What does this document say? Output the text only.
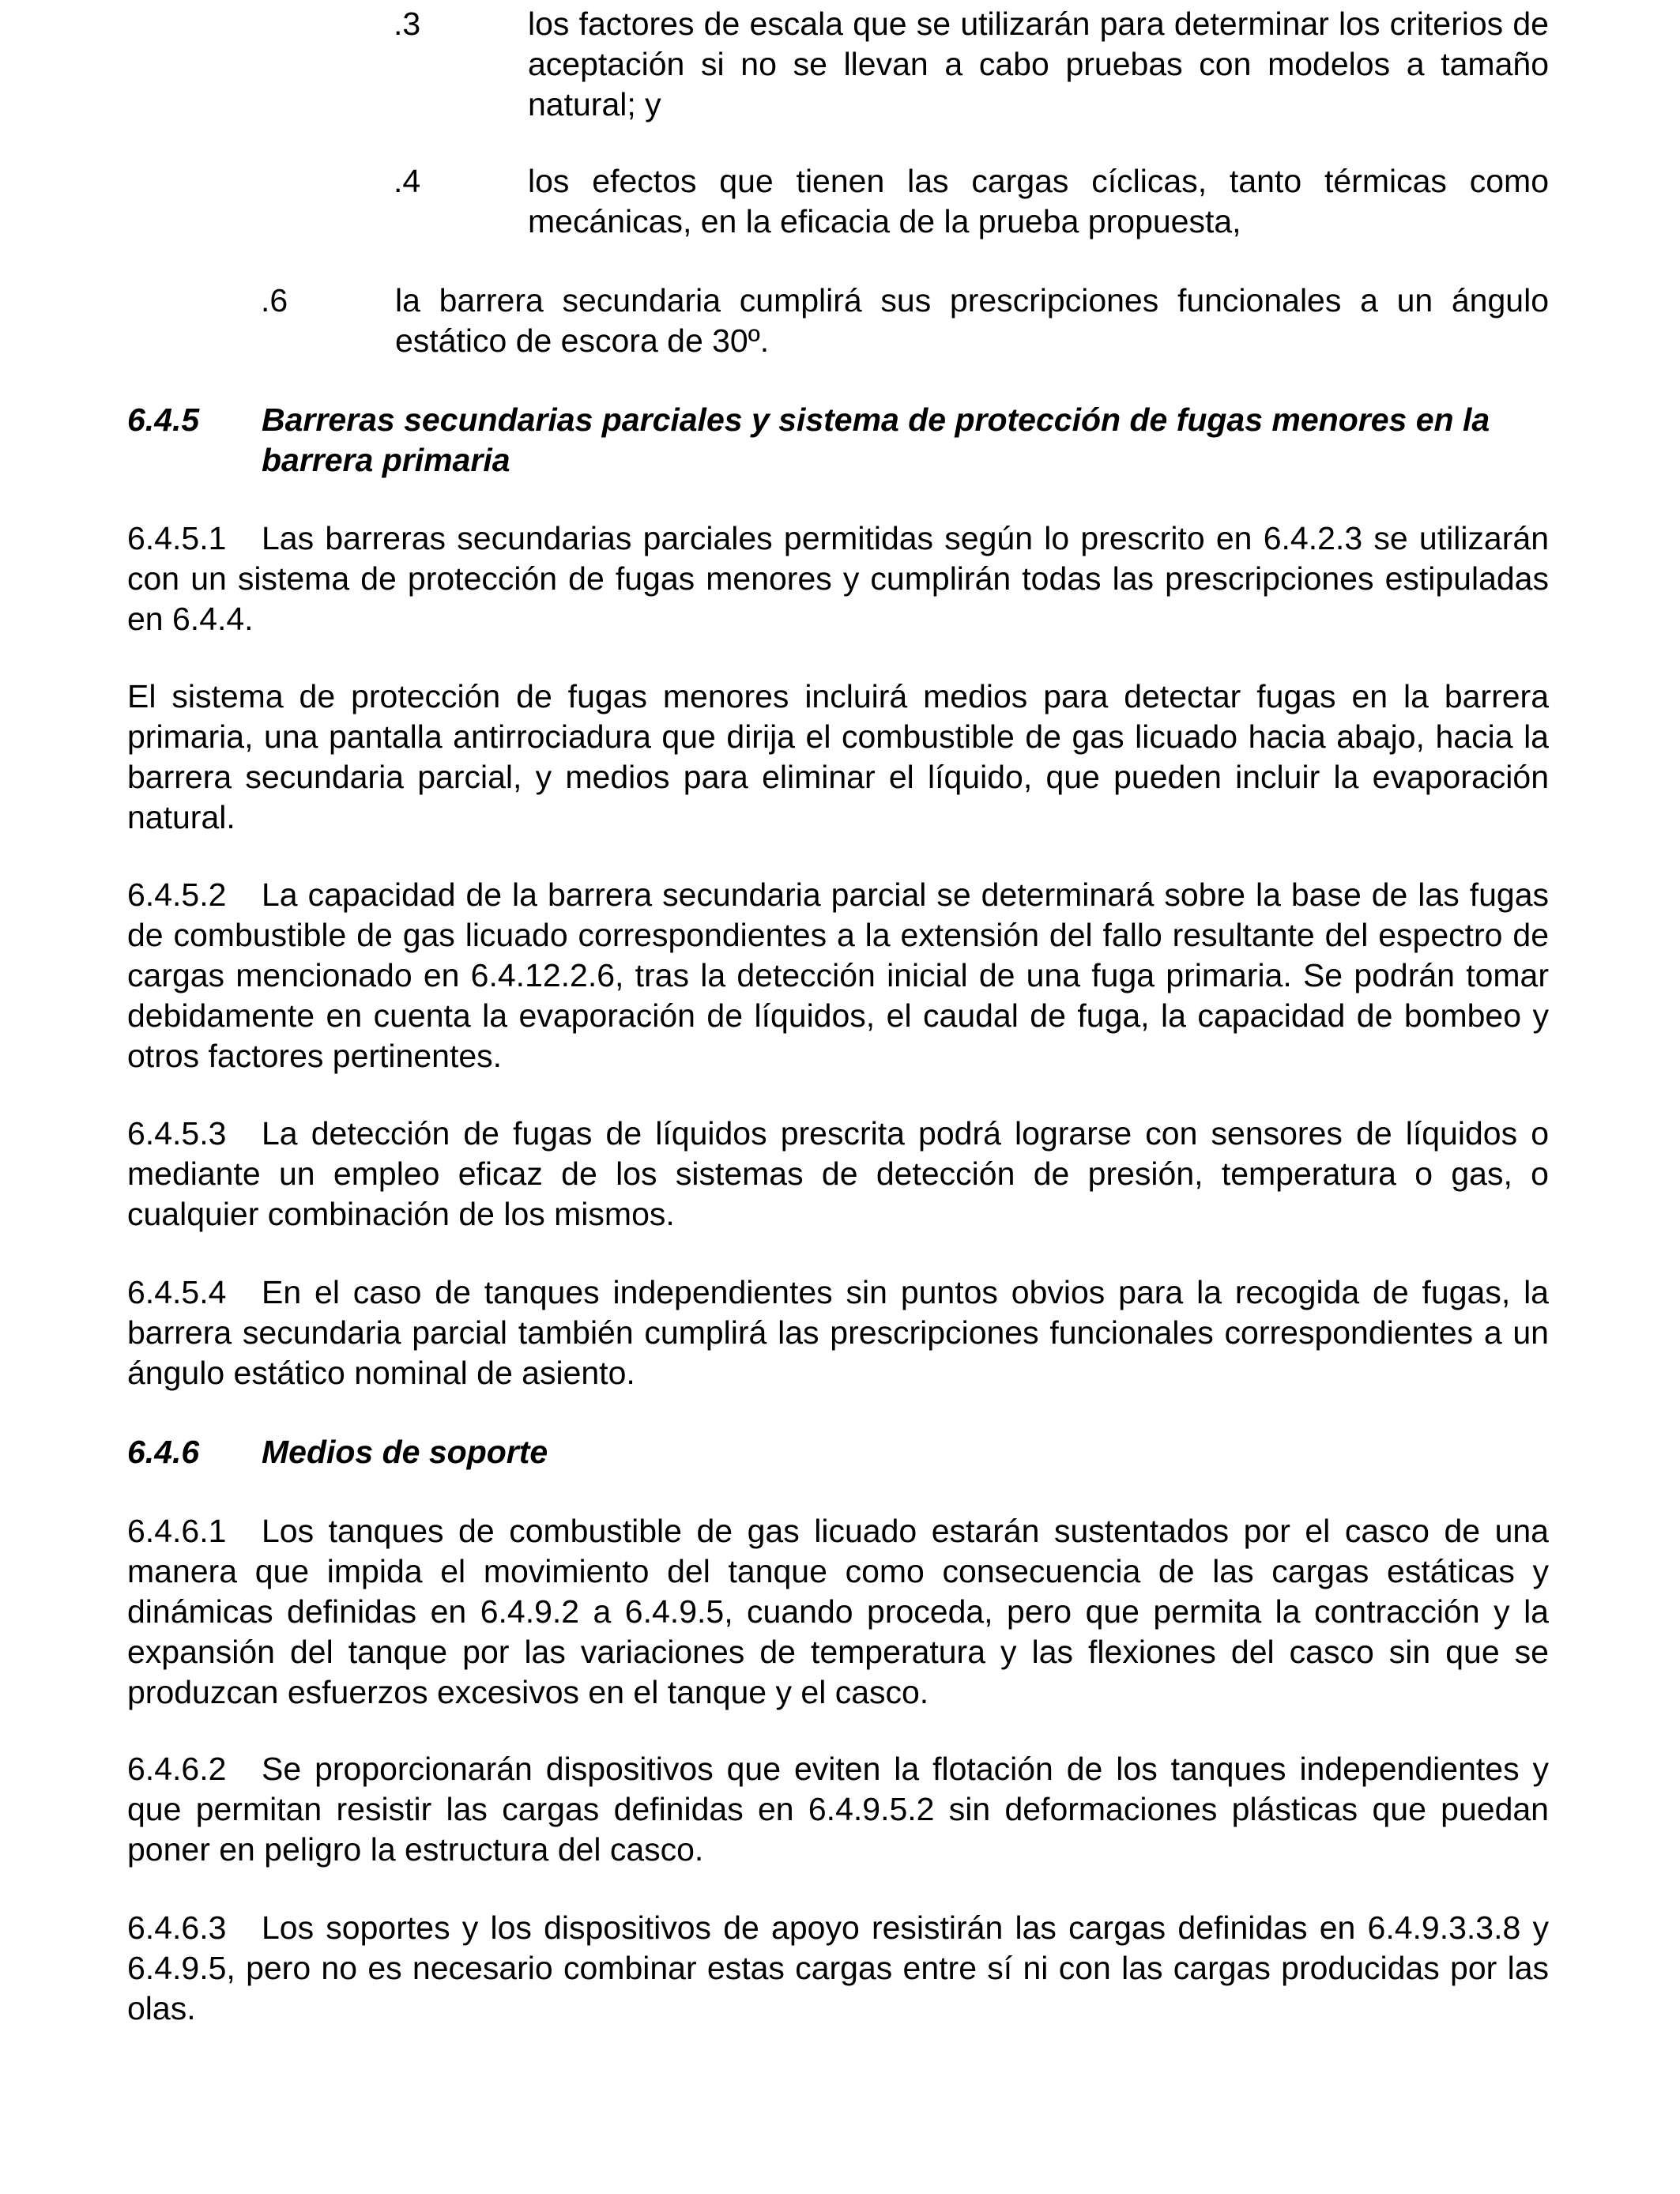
.3	los factores de escala que se utilizarán para determinar los criterios de aceptación si no se llevan a cabo pruebas con modelos a tamaño natural; y
.4	los efectos que tienen las cargas cíclicas, tanto térmicas como mecánicas, en la eficacia de la prueba propuesta,
.6	la barrera secundaria cumplirá sus prescripciones funcionales a un ángulo estático de escora de 30º.
6.4.5	Barreras secundarias parciales y sistema de protección de fugas menores en la barrera primaria

6.4.5.1 Las barreras secundarias parciales permitidas según lo prescrito en 6.4.2.3 se utilizarán con un sistema de protección de fugas menores y cumplirán todas las prescripciones estipuladas en 6.4.4.

El sistema de protección de fugas menores incluirá medios para detectar fugas en la barrera primaria, una pantalla antirrociadura que dirija el combustible de gas licuado hacia abajo, hacia la barrera secundaria parcial, y medios para eliminar el líquido, que pueden incluir la evaporación natural.

6.4.5.2 La capacidad de la barrera secundaria parcial se determinará sobre la base de las fugas de combustible de gas licuado correspondientes a la extensión del fallo resultante del espectro de cargas mencionado en 6.4.12.2.6, tras la detección inicial de una fuga primaria. Se podrán tomar debidamente en cuenta la evaporación de líquidos, el caudal de fuga, la capacidad de bombeo y otros factores pertinentes.

6.4.5.3 La detección de fugas de líquidos prescrita podrá lograrse con sensores de líquidos o mediante un empleo eficaz de los sistemas de detección de presión, temperatura o gas, o cualquier combinación de los mismos.

6.4.5.4 En el caso de tanques independientes sin puntos obvios para la recogida de fugas, la barrera secundaria parcial también cumplirá las prescripciones funcionales correspondientes a un ángulo estático nominal de asiento.

6.4.6	Medios de soporte

6.4.6.1 Los tanques de combustible de gas licuado estarán sustentados por el casco de una manera que impida el movimiento del tanque como consecuencia de las cargas estáticas y dinámicas definidas en 6.4.9.2 a 6.4.9.5, cuando proceda, pero que permita la contracción y la expansión del tanque por las variaciones de temperatura y las flexiones del casco sin que se produzcan esfuerzos excesivos en el tanque y el casco.

6.4.6.2 Se proporcionarán dispositivos que eviten la flotación de los tanques independientes y que permitan resistir las cargas definidas en 6.4.9.5.2 sin deformaciones plásticas que puedan poner en peligro la estructura del casco.

6.4.6.3 Los soportes y los dispositivos de apoyo resistirán las cargas definidas en 6.4.9.3.3.8 y 6.4.9.5, pero no es necesario combinar estas cargas entre sí ni con las cargas producidas por las olas.
